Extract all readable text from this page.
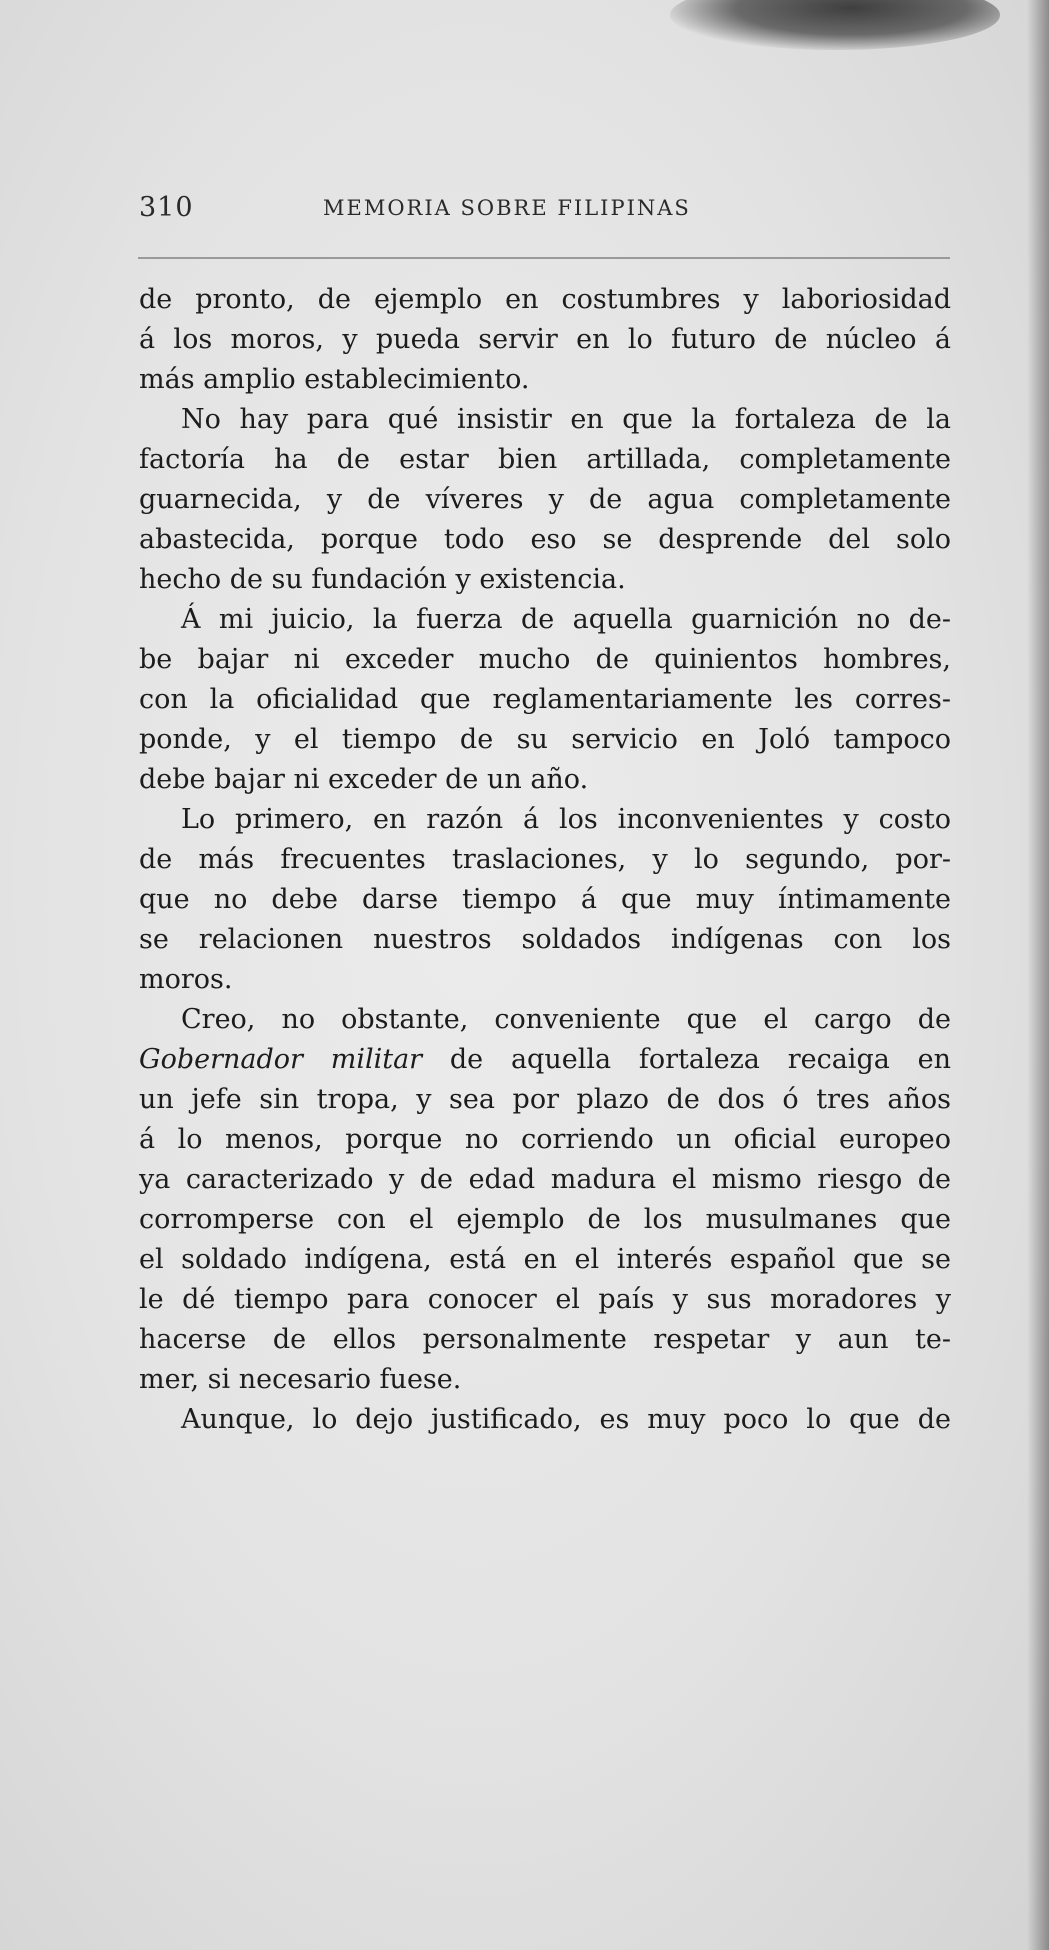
310	MEMORIA SOBRE FILIPINAS
de pronto, de ejemplo en costumbres y laboriosidad
á los moros, y pueda servir en lo futuro de núcleo á
más amplio establecimiento.
No hay para qué insistir en que la fortaleza de la
factoría ha de estar bien artillada, completamente
guarnecida, y de víveres y de agua completamente
abastecida, porque todo eso se desprende del solo
hecho de su fundación y existencia.
Á mi juicio, la fuerza de aquella guarnición no de-
be bajar ni exceder mucho de quinientos hombres,
con la oficialidad que reglamentariamente les corres-
ponde, y el tiempo de su servicio en Joló tampoco
debe bajar ni exceder de un año.
Lo primero, en razón á los inconvenientes y costo
de más frecuentes traslaciones, y lo segundo, por-
que no debe darse tiempo á que muy íntimamente
se relacionen nuestros soldados indígenas con los
moros.
Creo, no obstante, conveniente que el cargo de
Gobernador militar de aquella fortaleza recaiga en
un jefe sin tropa, y sea por plazo de dos ó tres años
á lo menos, porque no corriendo un oficial europeo
ya caracterizado y de edad madura el mismo riesgo de
corromperse con el ejemplo de los musulmanes que
el soldado indígena, está en el interés español que se
le dé tiempo para conocer el país y sus moradores y
hacerse de ellos personalmente respetar y aun te-
mer, si necesario fuese.
Aunque, lo dejo justificado, es muy poco lo que de
